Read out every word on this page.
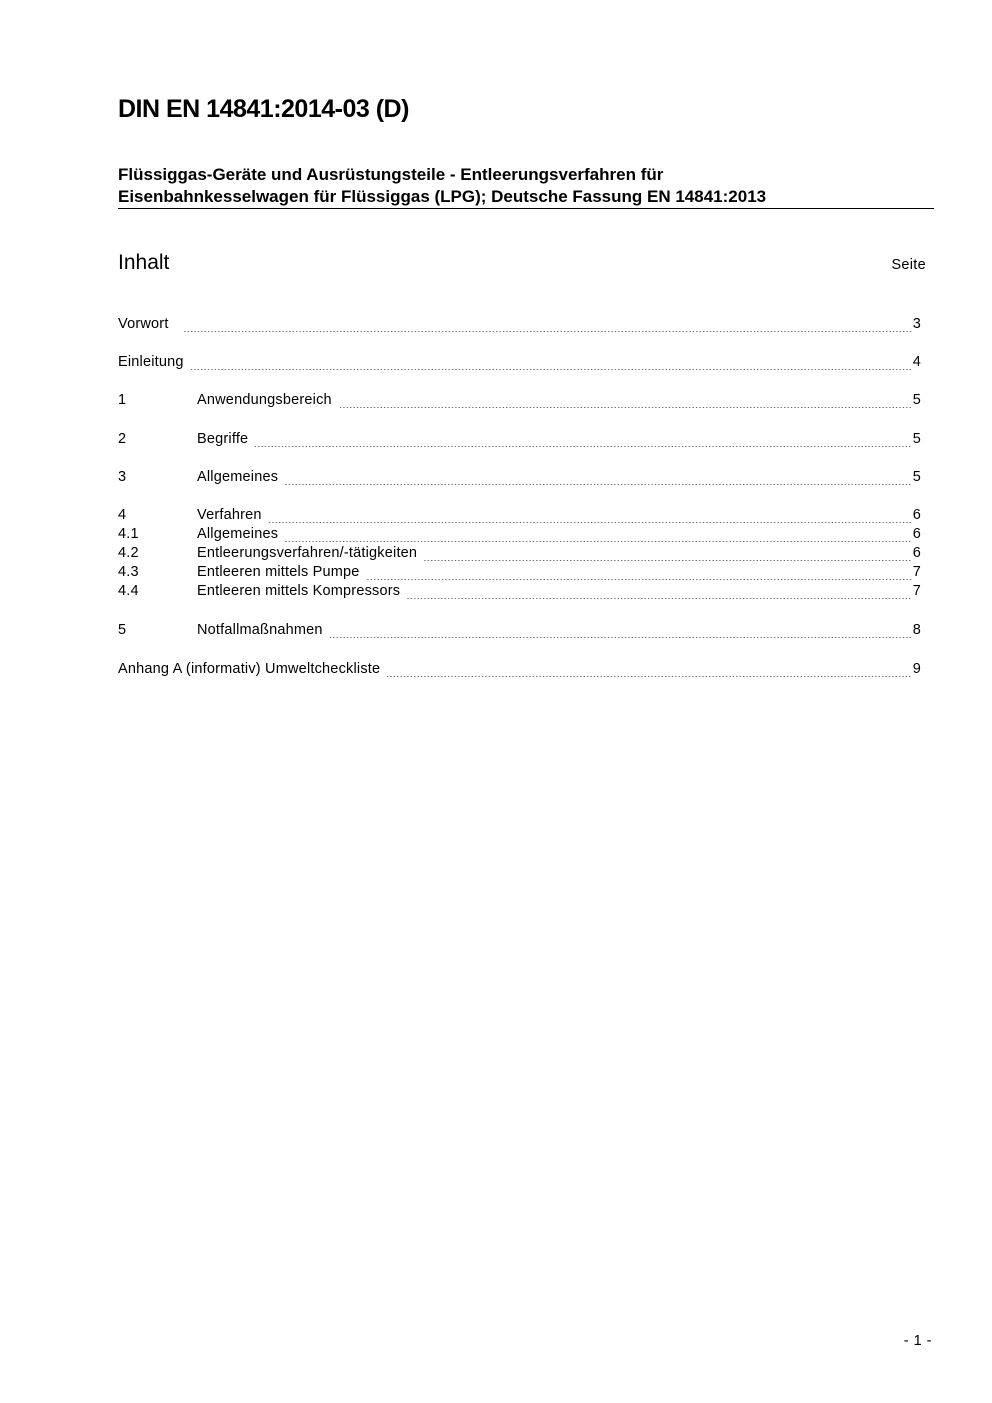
DIN EN 14841:2014-03 (D)
Flüssiggas-Geräte und Ausrüstungsteile - Entleerungsverfahren für
Eisenbahnkesselwagen für Flüssiggas (LPG); Deutsche Fassung EN 14841:2013
Inhalt	Seite
Vorwort	3
Einleitung	4
1	Anwendungsbereich	5
2	Begriffe	5
3	Allgemeines	5
4	Verfahren	6
4.1	Allgemeines	6
4.2	Entleerungsverfahren/-tätigkeiten	6
4.3	Entleeren mittels Pumpe	7
4.4	Entleeren mittels Kompressors	7
5	Notfallmaßnahmen	8
Anhang A (informativ) Umweltcheckliste	9
- 1 -
